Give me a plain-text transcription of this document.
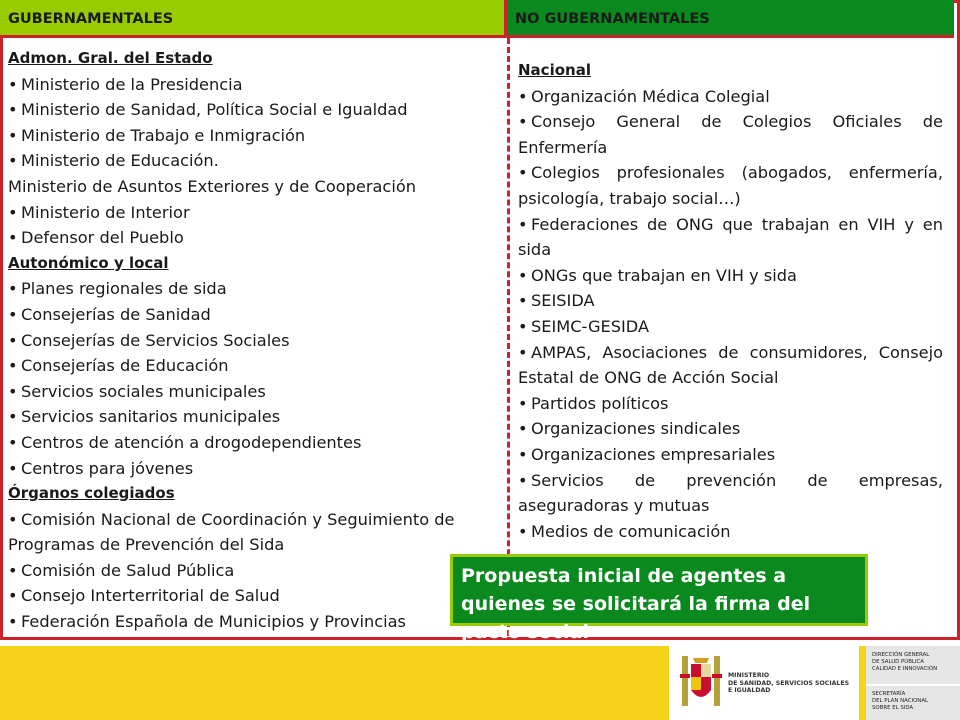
GUBERNAMENTALES	NO GUBERNAMENTALES
Admon. Gral. del Estado
• Ministerio de la Presidencia
• Ministerio de Sanidad, Política Social e Igualdad
• Ministerio de Trabajo e Inmigración
• Ministerio de Educación.
Ministerio de Asuntos Exteriores y de Cooperación
• Ministerio de Interior
• Defensor del Pueblo
Autonómico y local
• Planes regionales de sida
• Consejerías de Sanidad
• Consejerías de Servicios Sociales
• Consejerías de Educación
• Servicios sociales municipales
• Servicios sanitarios municipales
• Centros de atención a drogodependientes
• Centros para jóvenes
Órganos colegiados
• Comisión Nacional de Coordinación y Seguimiento de Programas de Prevención del Sida
• Comisión de Salud Pública
• Consejo Interterritorial de Salud
• Federación Española de Municipios y Provincias
Nacional
• Organización Médica Colegial
• Consejo General de Colegios Oficiales de Enfermería
• Colegios profesionales (abogados, enfermería, psicología, trabajo social…)
• Federaciones de ONG que trabajan en VIH y en sida
• ONGs que trabajan en VIH y sida
• SEISIDA
• SEIMC-GESIDA
• AMPAS, Asociaciones de consumidores, Consejo Estatal de ONG de Acción Social
• Partidos políticos
• Organizaciones sindicales
• Organizaciones empresariales
• Servicios de prevención de empresas, aseguradoras y mutuas
• Medios de comunicación
Propuesta inicial de agentes a quienes se solicitará la firma del pacto social
MINISTERIO
DE SANIDAD, SERVICIOS SOCIALES
E IGUALDAD
DIRECCIÓN GENERAL
DE SALUD PÚBLICA
CALIDAD E INNOVACIÓN
SECRETARÍA
DEL PLAN NACIONAL
SOBRE EL SIDA
